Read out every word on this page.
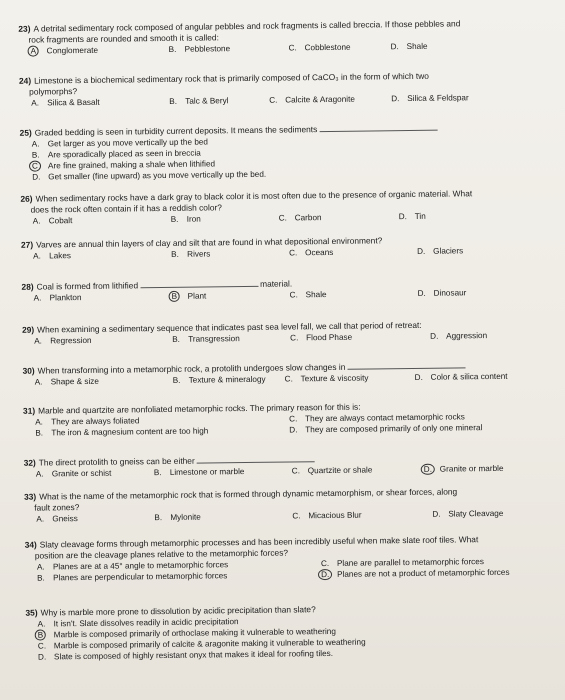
23) A detrital sedimentary rock composed of angular pebbles and rock fragments is called breccia. If those pebbles and
rock fragments are rounded and smooth it is called:
A Conglomerate	B. Pebblestone	C. Cobblestone	D. Shale
24) Limestone is a biochemical sedimentary rock that is primarily composed of CaCO₃ in the form of which two
polymorphs?
A. Silica & Basalt	B. Talc & Beryl	C. Calcite & Aragonite	D. Silica & Feldspar
25) Graded bedding is seen in turbidity current deposits. It means the sediments
A. Get larger as you move vertically up the bed
B. Are sporadically placed as seen in breccia
C Are fine grained, making a shale when lithified
D. Get smaller (fine upward) as you move vertically up the bed.
26) When sedimentary rocks have a dark gray to black color it is most often due to the presence of organic material. What
does the rock often contain if it has a reddish color?
A. Cobalt	B. Iron	C. Carbon	D. Tin
27) Varves are annual thin layers of clay and silt that are found in what depositional environment?
A. Lakes	B. Rivers	C. Oceans	D. Glaciers
28) Coal is formed from lithified	material.
A. Plankton	B Plant	C. Shale	D. Dinosaur
29) When examining a sedimentary sequence that indicates past sea level fall, we call that period of retreat:
A. Regression	B. Transgression	C. Flood Phase	D. Aggression
30) When transforming into a metamorphic rock, a protolith undergoes slow changes in
A. Shape & size	B. Texture & mineralogy C. Texture & viscosity	D. Color & silica content
31) Marble and quartzite are nonfoliated metamorphic rocks. The primary reason for this is:
A. They are always foliated	C. They are always contact metamorphic rocks
B. The iron & magnesium content are too high	D. They are composed primarily of only one mineral
32) The direct protolith to gneiss can be either
A. Granite or schist	B. Limestone or marble	C. Quartzite or shale	D. Granite or marble
33) What is the name of the metamorphic rock that is formed through dynamic metamorphism, or shear forces, along
fault zones?
A. Gneiss	B. Mylonite	C. Micacious Blur	D. Slaty Cleavage
34) Slaty cleavage forms through metamorphic processes and has been incredibly useful when make slate roof tiles. What
position are the cleavage planes relative to the metamorphic forces?
A. Planes are at a 45° angle to metamorphic forces	C. Plane are parallel to metamorphic forces
B. Planes are perpendicular to metamorphic forces	D. Planes are not a product of metamorphic forces
35) Why is marble more prone to dissolution by acidic precipitation than slate?
A. It isn't. Slate dissolves readily in acidic precipitation
B Marble is composed primarily of orthoclase making it vulnerable to weathering
C. Marble is composed primarily of calcite & aragonite making it vulnerable to weathering
D. Slate is composed of highly resistant onyx that makes it ideal for roofing tiles.
